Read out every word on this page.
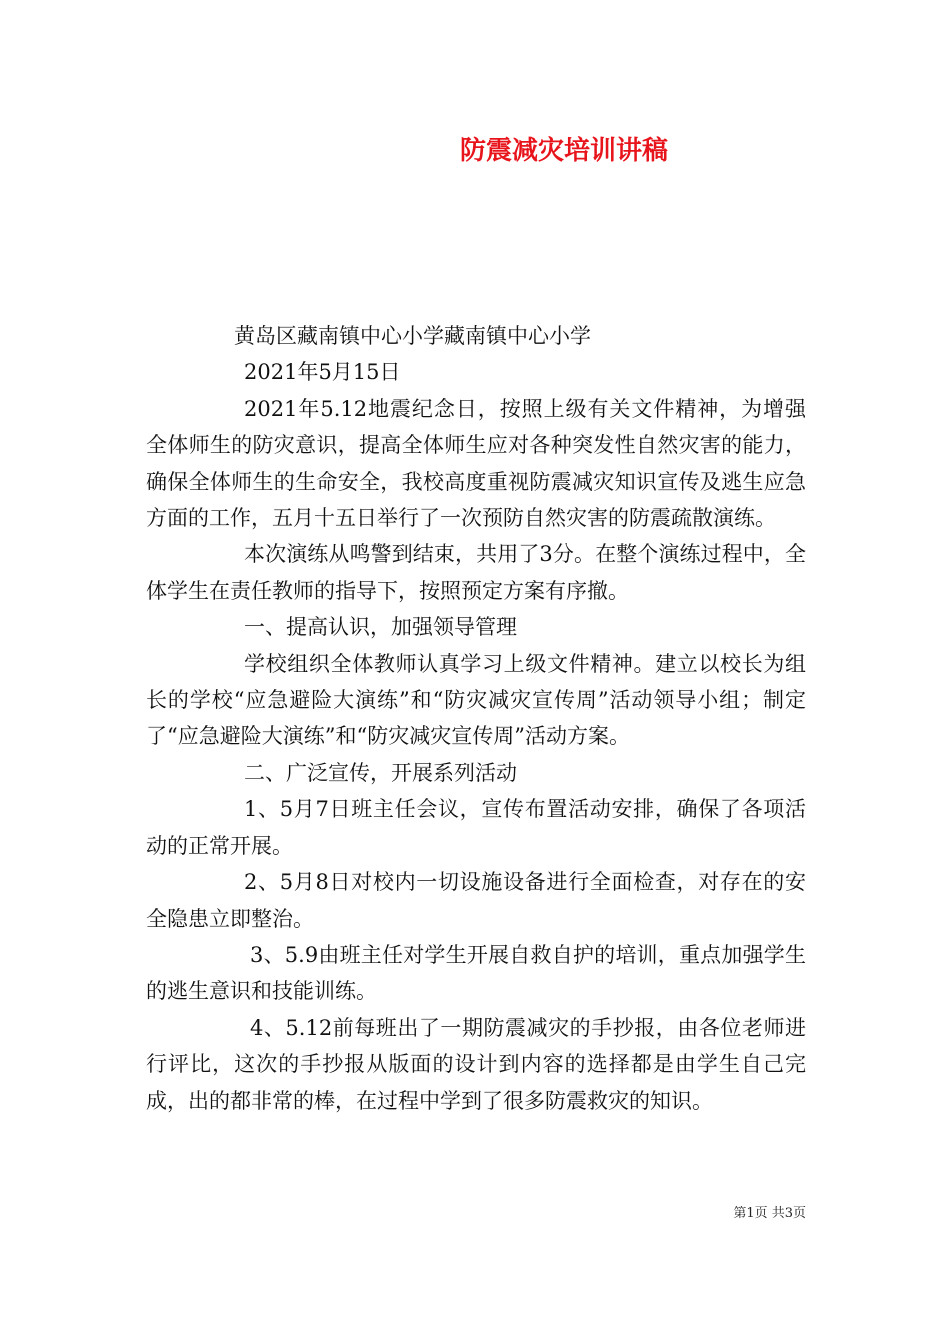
防震减灾培训讲稿

黄岛区藏南镇中心小学藏南镇中心小学

2021年5月15日

2021年5.12地震纪念日，按照上级有关文件精神，为增强全体师生的防灾意识，提高全体师生应对各种突发性自然灾害的能力，确保全体师生的生命安全，我校高度重视防震减灾知识宣传及逃生应急方面的工作，五月十五日举行了一次预防自然灾害的防震疏散演练。

本次演练从鸣警到结束，共用了3分。在整个演练过程中，全体学生在责任教师的指导下，按照预定方案有序撤。

一、提高认识，加强领导管理

学校组织全体教师认真学习上级文件精神。建立以校长为组长的学校“应急避险大演练”和“防灾减灾宣传周”活动领导小组；制定了“应急避险大演练”和“防灾减灾宣传周”活动方案。

二、广泛宣传，开展系列活动

1、5月7日班主任会议，宣传布置活动安排，确保了各项活动的正常开展。

2、5月8日对校内一切设施设备进行全面检查，对存在的安全隐患立即整治。

3、5.9由班主任对学生开展自救自护的培训，重点加强学生的逃生意识和技能训练。

4、5.12前每班出了一期防震减灾的手抄报，由各位老师进行评比，这次的手抄报从版面的设计到内容的选择都是由学生自己完成，出的都非常的棒，在过程中学到了很多防震救灾的知识。

第1页 共3页
